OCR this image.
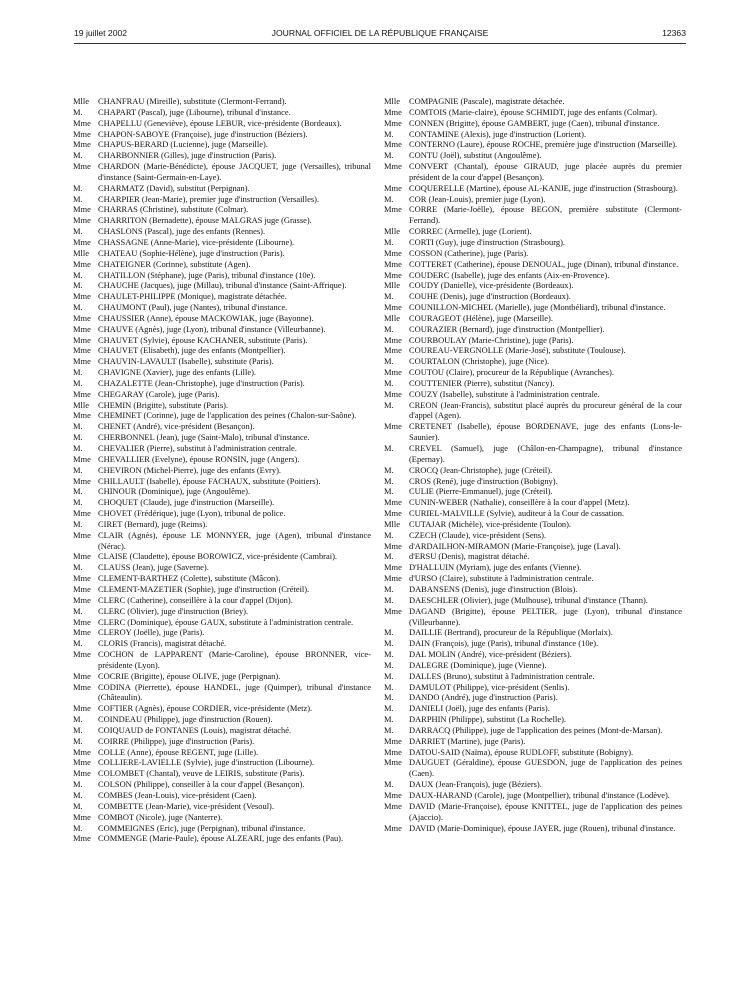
19 juillet 2002	JOURNAL OFFICIEL DE LA RÉPUBLIQUE FRANÇAISE	12363
Mlle CHANFRAU (Mireille), substitute (Clermont-Ferrand).
M. CHAPART (Pascal), juge (Libourne), tribunal d'instance.
Mme CHAPELLU (Geneviève), épouse LEBUR, vice-présidente (Bordeaux).
Mme CHAPON-SABOYE (Françoise), juge d'instruction (Béziers).
Mme CHAPUS-BERARD (Lucienne), juge (Marseille).
M. CHARBONNIER (Gilles), juge d'instruction (Paris).
Mme CHARDON (Marie-Bénédicte), épouse JACQUET, juge (Versailles), tribunal d'instance (Saint-Germain-en-Laye).
M. CHARMATZ (David), substitut (Perpignan).
M. CHARPIER (Jean-Marie), premier juge d'instruction (Versailles).
Mme CHARRAS (Christine), substitute (Colmar).
Mme CHARRITON (Bernadette), épouse MALGRAS juge (Grasse).
M. CHASLONS (Pascal), juge des enfants (Rennes).
Mme CHASSAGNE (Anne-Marie), vice-présidente (Libourne).
Mlle CHATEAU (Sophie-Hélène), juge d'instruction (Paris).
Mme CHATEIGNER (Corinne), substitute (Agen).
M. CHATILLON (Stéphane), juge (Paris), tribunal d'instance (10e).
M. CHAUCHE (Jacques), juge (Millau), tribunal d'instance (Saint-Affrique).
Mme CHAULET-PHILIPPE (Monique), magistrate détachée.
M. CHAUMONT (Paul), juge (Nantes), tribunal d'instance.
Mme CHAUSSIER (Anne), épouse MACKOWIAK, juge (Bayonne).
Mme CHAUVE (Agnès), juge (Lyon), tribunal d'instance (Villeurbanne).
Mme CHAUVET (Sylvie), épouse KACHANER, substitute (Paris).
Mme CHAUVET (Elisabeth), juge des enfants (Montpellier).
Mme CHAUVIN-LAVAULT (Isabelle), substitute (Paris).
M. CHAVIGNE (Xavier), juge des enfants (Lille).
M. CHAZALETTE (Jean-Christophe), juge d'instruction (Paris).
Mme CHEGARAY (Carole), juge (Paris).
Mlle CHEMIN (Brigitte), substitute (Paris).
Mme CHEMINET (Corinne), juge de l'application des peines (Chalon-sur-Saône).
M. CHENET (André), vice-président (Besançon).
M. CHERBONNEL (Jean), juge (Saint-Malo), tribunal d'instance.
M. CHEVALIER (Pierre), substitut à l'administration centrale.
Mme CHEVALLIER (Evelyne), épouse RONSIN, juge (Angers).
M. CHEVIRON (Michel-Pierre), juge des enfants (Evry).
Mme CHILLAULT (Isabelle), épouse FACHAUX, substitute (Poitiers).
M. CHINOUR (Dominique), juge (Angoulême).
M. CHOQUET (Claude), juge d'instruction (Marseille).
Mme CHOVET (Frédérique), juge (Lyon), tribunal de police.
M. CIRET (Bernard), juge (Reims).
Mme CLAIR (Agnès), épouse LE MONNYER, juge (Agen), tribunal d'instance (Nérac).
Mme CLAISE (Claudette), épouse BOROWICZ, vice-présidente (Cambrai).
M. CLAUSS (Jean), juge (Saverne).
Mme CLEMENT-BARTHEZ (Colette), substitute (Mâcon).
Mme CLEMENT-MAZETIER (Sophie), juge d'instruction (Créteil).
Mme CLERC (Catherine), conseillère à la cour d'appel (Dijon).
M. CLERC (Olivier), juge d'instruction (Briey).
Mme CLERC (Dominique), épouse GAUX, substitute à l'administration centrale.
Mme CLEROY (Joëlle), juge (Paris).
M. CLORIS (Francis), magistrat détaché.
Mme COCHON de LAPPARENT (Marie-Caroline), épouse BRONNER, vice-présidente (Lyon).
Mme COCRIE (Brigitte), épouse OLIVE, juge (Perpignan).
Mme CODINA (Pierrette), épouse HANDEL, juge (Quimper), tribunal d'instance (Châteaulin).
Mme COFTIER (Agnès), épouse CORDIER, vice-présidente (Metz).
M. COINDEAU (Philippe), juge d'instruction (Rouen).
M. COIQUAUD de FONTANES (Louis), magistrat détaché.
M. COIRRE (Philippe), juge d'instruction (Paris).
Mme COLLE (Anne), épouse REGENT, juge (Lille).
Mme COLLIERE-LAVIELLE (Sylvie), juge d'instruction (Libourne).
Mme COLOMBET (Chantal), veuve de LEIRIS, substitute (Paris).
M. COLSON (Philippe), conseiller à la cour d'appel (Besançon).
M. COMBES (Jean-Louis), vice-président (Caen).
M. COMBETTE (Jean-Marie), vice-président (Vesoul).
Mme COMBOT (Nicole), juge (Nanterre).
M. COMMEIGNES (Eric), juge (Perpignan), tribunal d'instance.
Mme COMMENGE (Marie-Paule), épouse ALZEARI, juge des enfants (Pau).
Mlle COMPAGNIE (Pascale), magistrate détachée.
Mme COMTOIS (Marie-claire), épouse SCHMIDT, juge des enfants (Colmar).
Mme CONNEN (Brigitte), épouse GAMBERT, juge (Caen), tribunal d'instance.
M. CONTAMINE (Alexis), juge d'instruction (Lorient).
Mme CONTERNO (Laure), épouse ROCHE, première juge d'instruction (Marseille).
M. CONTU (Joël), substitut (Angoulême).
Mme CONVERT (Chantal), épouse GIRAUD, juge placée auprès du premier président de la cour d'appel (Besançon).
Mme COQUERELLE (Martine), épouse AL-KANJE, juge d'instruction (Strasbourg).
M. COR (Jean-Louis), premier juge (Lyon).
Mme CORRE (Marie-Joëlle), épouse BEGON, première substitute (Clermont-Ferrand).
Mlle CORREC (Armelle), juge (Lorient).
M. CORTI (Guy), juge d'instruction (Strasbourg).
Mme COSSON (Catherine), juge (Paris).
Mme COTTERET (Catherine), épouse DENOUAL, juge (Dinan), tribunal d'instance.
Mme COUDERC (Isabelle), juge des enfants (Aix-en-Provence).
Mlle COUDY (Danielle), vice-présidente (Bordeaux).
M. COUHE (Denis), juge d'instruction (Bordeaux).
Mme COUNILLON-MICHEL (Marielle), juge (Montbéliard), tribunal d'instance.
Mlle COURAGEOT (Hélène), juge (Marseille).
M. COURAZIER (Bernard), juge d'instruction (Montpellier).
Mme COURBOULAY (Marie-Christine), juge (Paris).
Mme COUREAU-VERGNOLLE (Marie-José), substitute (Toulouse).
M. COURTALON (Christophe), juge (Nice).
Mme COUTOU (Claire), procureur de la République (Avranches).
M. COUTTENIER (Pierre), substitut (Nancy).
Mme COUZY (Isabelle), substitute à l'administration centrale.
M. CREON (Jean-Francis), substitut placé auprès du procureur général de la cour d'appel (Agen).
Mme CRETENET (Isabelle), épouse BORDENAVE, juge des enfants (Lons-le-Saunier).
M. CREVEL (Samuel), juge (Châlon-en-Champagne), tribunal d'instance (Epernay).
M. CROCQ (Jean-Christophe), juge (Créteil).
M. CROS (René), juge d'instruction (Bobigny).
M. CULIE (Pierre-Emmanuel), juge (Créteil).
Mme CUNIN-WEBER (Nathalie), conseillère à la cour d'appel (Metz).
Mme CURIEL-MALVILLE (Sylvie), auditeur à la Cour de cassation.
Mlle CUTAJAR (Michèle), vice-présidente (Toulon).
M. CZECH (Claude), vice-président (Sens).
Mme d'ARDAILHON-MIRAMON (Marie-Françoise), juge (Laval).
M. d'ERSU (Denis), magistrat détaché.
Mme D'HALLUIN (Myriam), juge des enfants (Vienne).
Mme d'URSO (Claire), substitute à l'administration centrale.
M. DABANSENS (Denis), juge d'instruction (Blois).
M. DAESCHLER (Olivier), juge (Mulhouse), tribunal d'instance (Thann).
Mme DAGAND (Brigitte), épouse PELTIER, juge (Lyon), tribunal d'instance (Villeurbanne).
M. DAILLIE (Bertrand), procureur de la République (Morlaix).
M. DAIN (François), juge (Paris), tribunal d'instance (10e).
M. DAL MOLIN (André), vice-président (Béziers).
M. DALEGRE (Dominique), juge (Vienne).
M. DALLES (Bruno), substitut à l'administration centrale.
M. DAMULOT (Philippe), vice-président (Senlis).
M. DANDO (André), juge d'instruction (Paris).
M. DANIELI (Joël), juge des enfants (Paris).
M. DARPHIN (Philippe), substitut (La Rochelle).
M. DARRACQ (Philippe), juge de l'application des peines (Mont-de-Marsan).
Mme DARRIET (Martine), juge (Paris).
Mme DATOU-SAID (Naïma), épouse RUDLOFF, substitute (Bobigny).
Mme DAUGUET (Géraldine), épouse GUESDON, juge de l'application des peines (Caen).
M. DAUX (Jean-François), juge (Béziers).
Mme DAUX-HARAND (Carole), juge (Montpellier), tribunal d'instance (Lodève).
Mme DAVID (Marie-Françoise), épouse KNITTEL, juge de l'application des peines (Ajaccio).
Mme DAVID (Marie-Dominique), épouse JAYER, juge (Rouen), tribunal d'instance.
